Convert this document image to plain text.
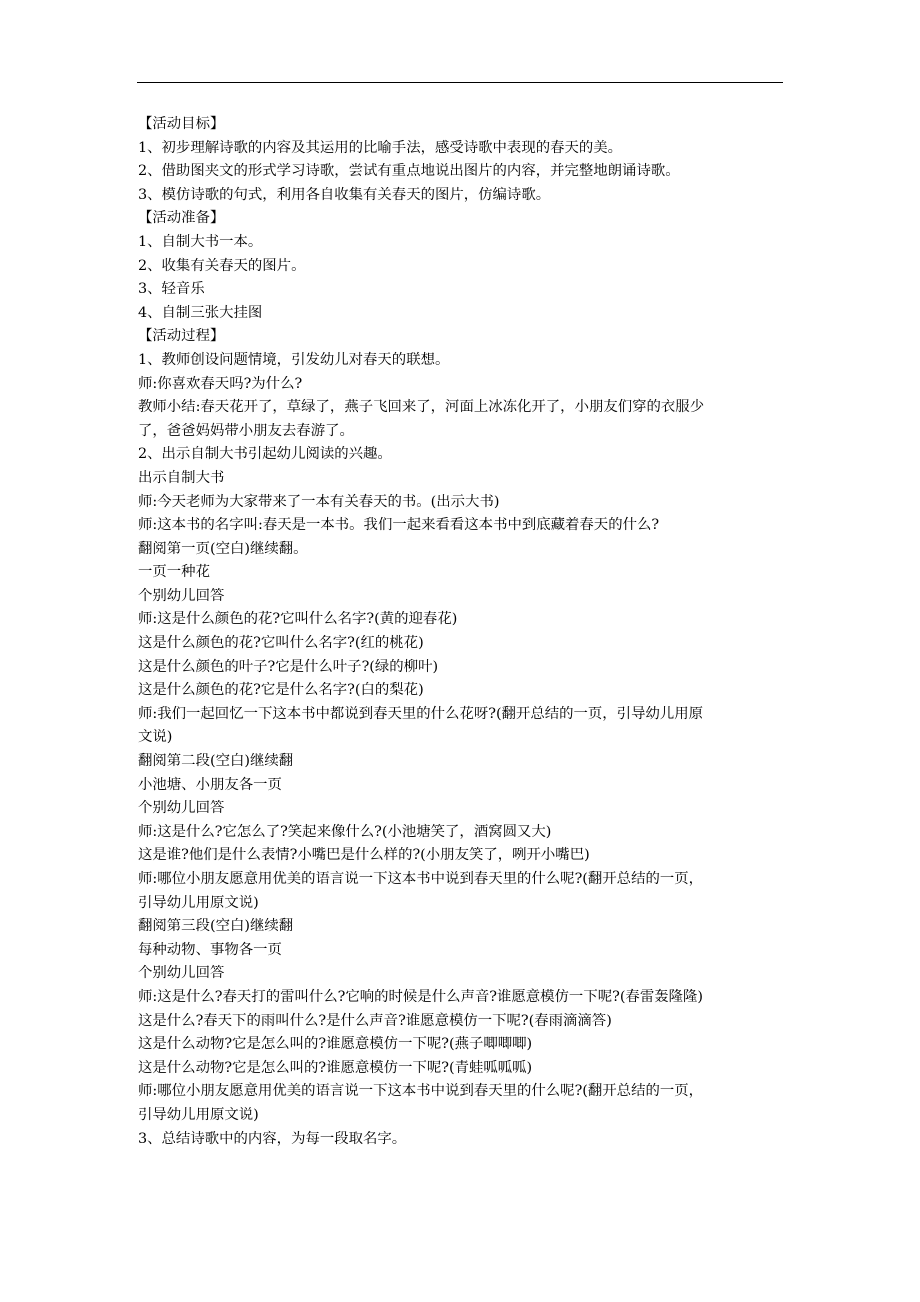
【活动目标】
1、初步理解诗歌的内容及其运用的比喻手法，感受诗歌中表现的春天的美。
2、借助图夹文的形式学习诗歌，尝试有重点地说出图片的内容，并完整地朗诵诗歌。
3、模仿诗歌的句式，利用各自收集有关春天的图片，仿编诗歌。
【活动准备】
1、自制大书一本。
2、收集有关春天的图片。
3、轻音乐
4、自制三张大挂图
【活动过程】
1、教师创设问题情境，引发幼儿对春天的联想。
师:你喜欢春天吗?为什么?
教师小结:春天花开了，草绿了，燕子飞回来了，河面上冰冻化开了，小朋友们穿的衣服少
了，爸爸妈妈带小朋友去春游了。
2、出示自制大书引起幼儿阅读的兴趣。
出示自制大书
师:今天老师为大家带来了一本有关春天的书。(出示大书)
师:这本书的名字叫:春天是一本书。我们一起来看看这本书中到底藏着春天的什么?
翻阅第一页(空白)继续翻。
一页一种花
个别幼儿回答
师:这是什么颜色的花?它叫什么名字?(黄的迎春花)
这是什么颜色的花?它叫什么名字?(红的桃花)
这是什么颜色的叶子?它是什么叶子?(绿的柳叶)
这是什么颜色的花?它是什么名字?(白的梨花)
师:我们一起回忆一下这本书中都说到春天里的什么花呀?(翻开总结的一页，引导幼儿用原
文说)
翻阅第二段(空白)继续翻
小池塘、小朋友各一页
个别幼儿回答
师:这是什么?它怎么了?笑起来像什么?(小池塘笑了，酒窝圆又大)
这是谁?他们是什么表情?小嘴巴是什么样的?(小朋友笑了，咧开小嘴巴)
师:哪位小朋友愿意用优美的语言说一下这本书中说到春天里的什么呢?(翻开总结的一页，
引导幼儿用原文说)
翻阅第三段(空白)继续翻
每种动物、事物各一页
个别幼儿回答
师:这是什么?春天打的雷叫什么?它响的时候是什么声音?谁愿意模仿一下呢?(春雷轰隆隆)
这是什么?春天下的雨叫什么?是什么声音?谁愿意模仿一下呢?(春雨滴滴答)
这是什么动物?它是怎么叫的?谁愿意模仿一下呢?(燕子唧唧唧)
这是什么动物?它是怎么叫的?谁愿意模仿一下呢?(青蛙呱呱呱)
师:哪位小朋友愿意用优美的语言说一下这本书中说到春天里的什么呢?(翻开总结的一页，
引导幼儿用原文说)
3、总结诗歌中的内容，为每一段取名字。
